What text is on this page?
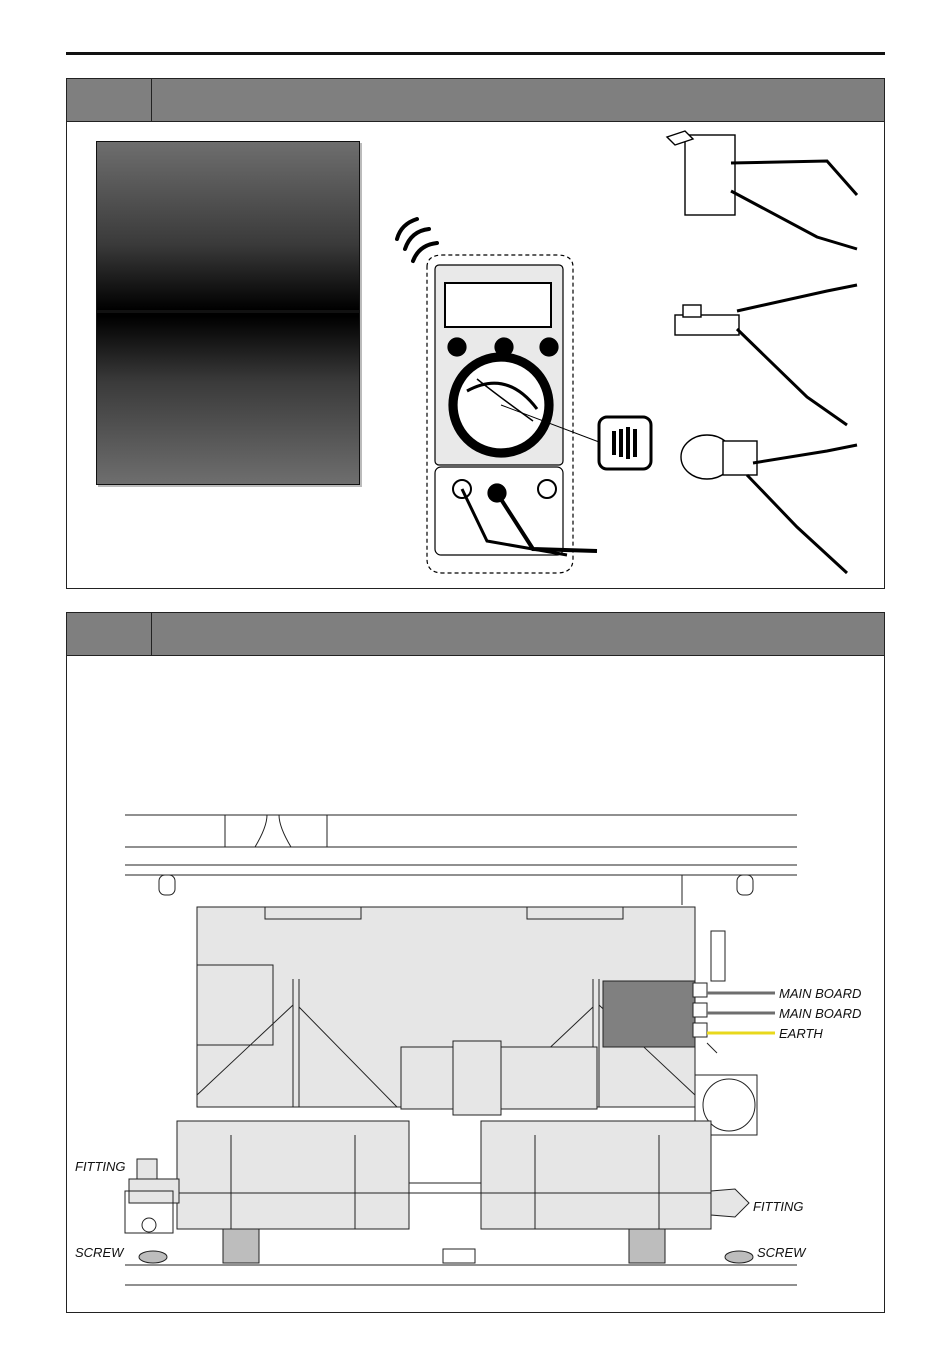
MAIN BOARD
MAIN BOARD
EARTH
FITTING
FITTING
SCREW	SCREW
